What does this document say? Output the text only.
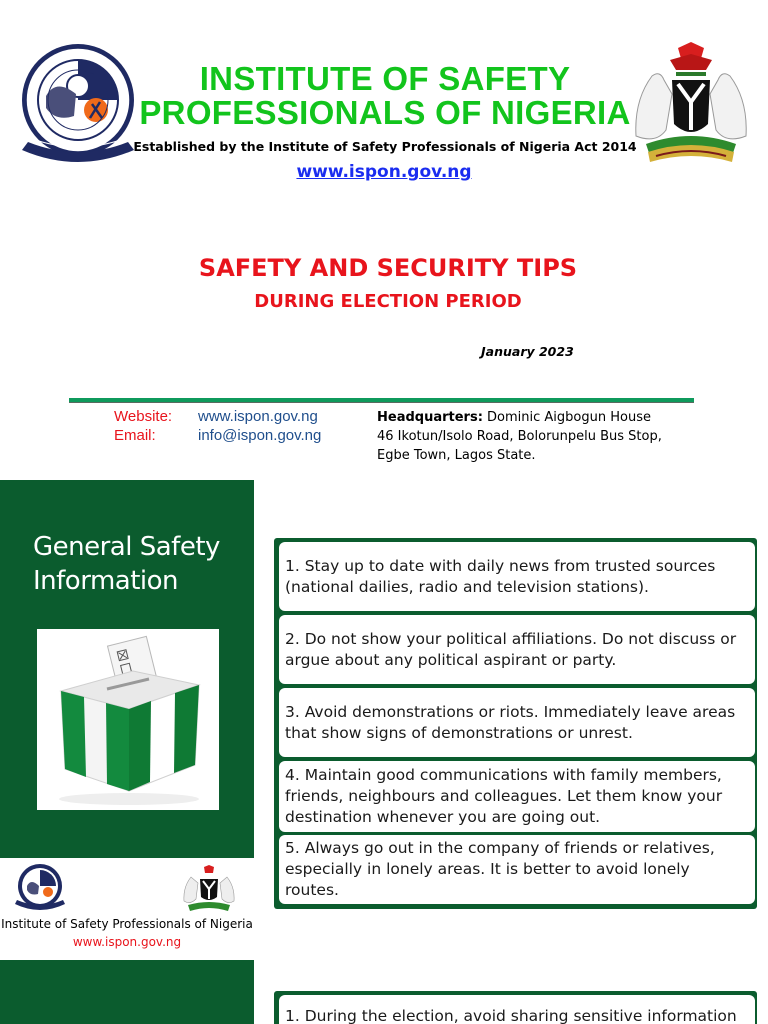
INSTITUTE OF SAFETY
PROFESSIONALS OF NIGERIA
Established by the Institute of Safety Professionals of Nigeria Act 2014
www.ispon.gov.ng
SAFETY AND SECURITY TIPS
DURING ELECTION PERIOD
January 2023
Website: www.ispon.gov.ng
Email:	info@ispon.gov.ng
Headquarters: Dominic Aigbogun House
46 Ikotun/Isolo Road, Bolorunpelu Bus Stop,
Egbe Town, Lagos State.
General Safety
Information
Institute of Safety Professionals of Nigeria
www.ispon.gov.ng
1. Stay up to date with daily news from trusted sources (national dailies, radio and television stations).
2. Do not show your political affiliations. Do not discuss or argue about any political aspirant or party.
3. Avoid demonstrations or riots. Immediately leave areas that show signs of demonstrations or unrest.
4. Maintain good communications with family members, friends, neighbours and colleagues. Let them know your destination whenever you are going out.
5. Always go out in the company of friends or relatives, especially in lonely areas. It is better to avoid lonely routes.
1. During the election, avoid sharing sensitive information
